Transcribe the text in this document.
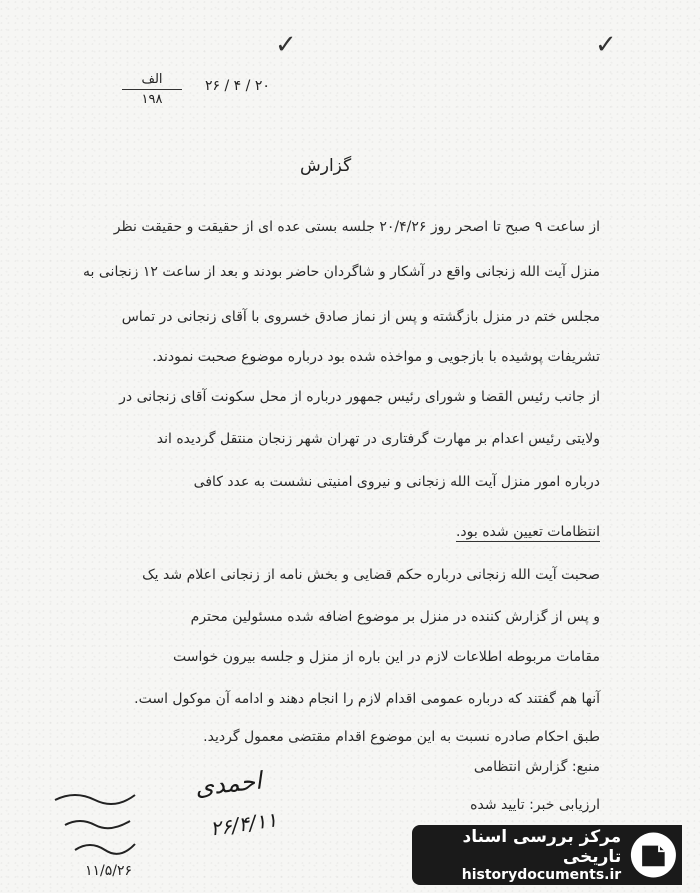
✓	✓
الف
۱۹۸
۲۰ / ۴ / ۲۶
گزارش
از ساعت ۹ صبح تا اصحر روز ۲۰/۴/۲۶ جلسه بستی عده ای از حقیقت و حقیقت نظر
منزل آیت الله زنجانی واقع در آشکار و شاگردان حاضر بودند و بعد از ساعت ۱۲ زنجانی به
مجلس ختم در منزل بازگشته و پس از نماز صادق خسروی با آقای زنجانی در تماس
تشریفات پوشیده با بازجویی و مواخذه شده بود درباره موضوع صحبت نمودند.
از جانب رئیس القضا و شورای رئیس جمهور درباره از محل سکونت آقای زنجانی در
ولایتی رئیس اعدام بر مهارت گرفتاری در تهران شهر زنجان منتقل گردیده اند
درباره امور منزل آیت الله زنجانی و نیروی امنیتی نشست به عدد کافی
انتظامات تعیین شده بود.
صحبت آیت الله زنجانی درباره حکم قضایی و بخش نامه از زنجانی اعلام شد یک
و پس از گزارش کننده در منزل بر موضوع اضافه شده مسئولین محترم
مقامات مربوطه اطلاعات لازم در این باره از منزل و جلسه بیرون خواست
آنها هم گفتند که درباره عمومی اقدام لازم را انجام دهند و ادامه آن موکول است.
طبق احکام صادره نسبت به این موضوع اقدام مقتضی معمول گردید.
منبع: گزارش انتظامی
ارزیابی خبر: تایید شده
احمدی
۲۶/۴/۱۱
۱۱/۵/۲۶
مرکز بررسی اسناد تاریخی
historydocuments.ir
